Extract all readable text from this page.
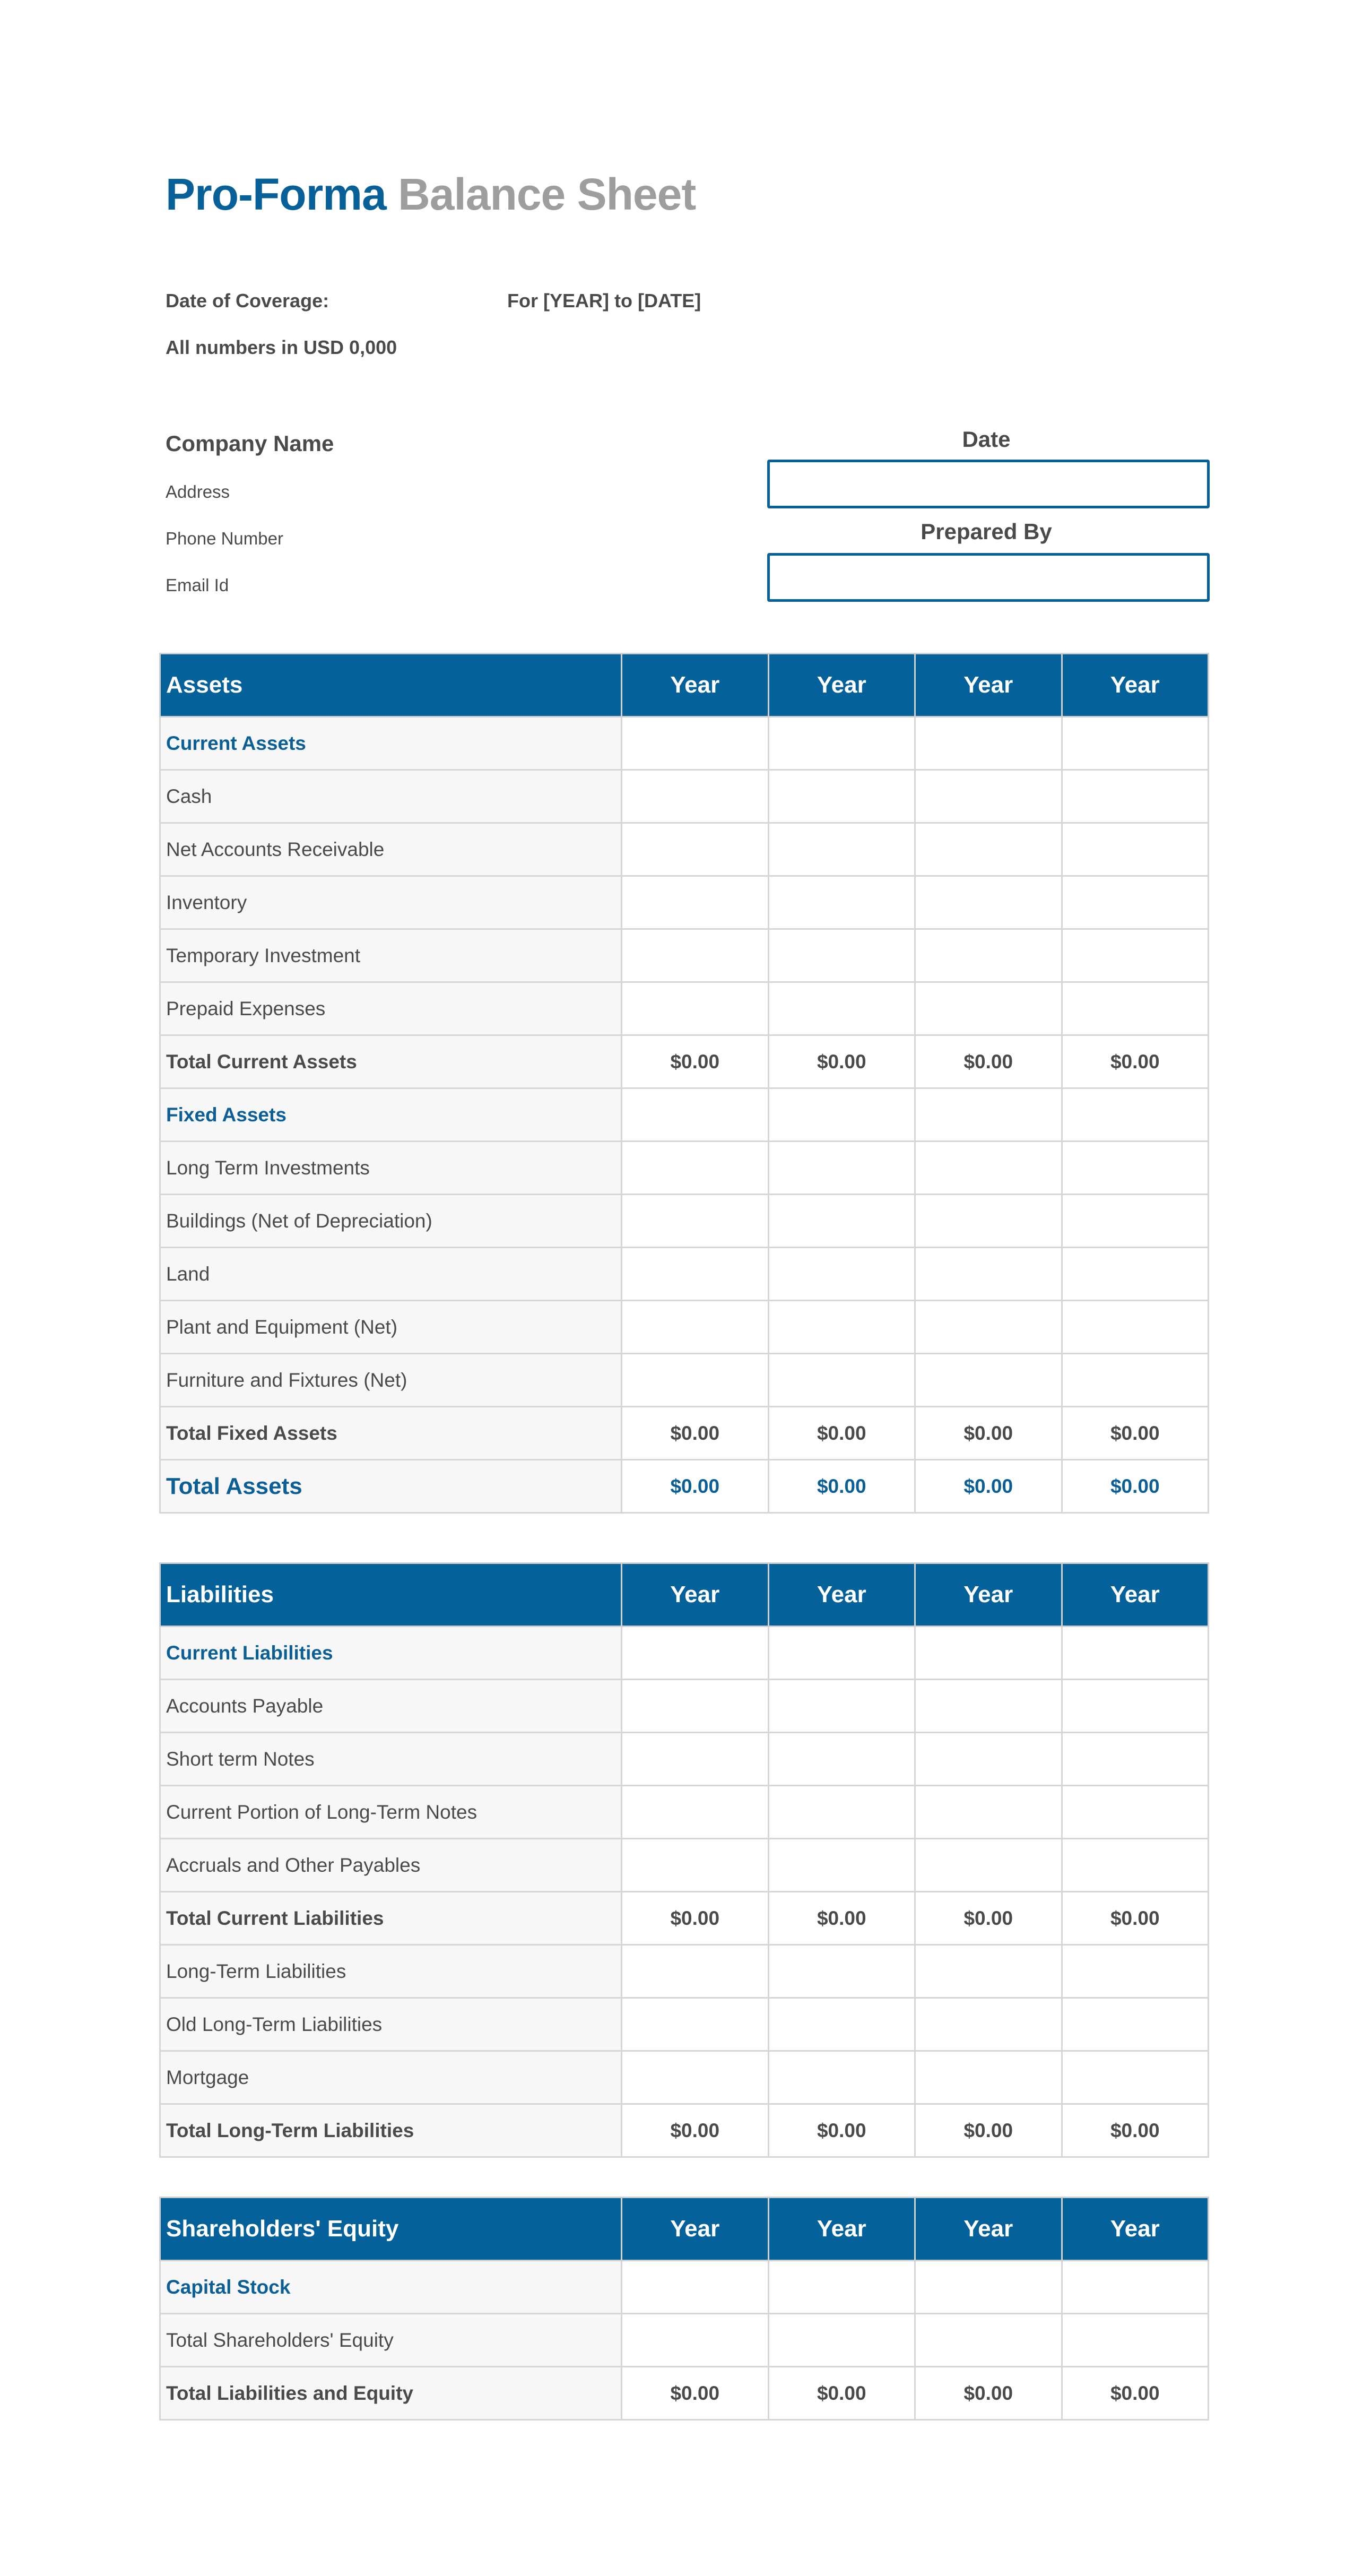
Pro-Forma Balance Sheet
Date of Coverage:	For [YEAR] to [DATE]
All numbers in USD 0,000
Company Name
Address
Phone Number
Email Id
Date
Prepared By
Assets	Year	Year	Year	Year
Current Assets				
Cash				
Net Accounts Receivable				
Inventory				
Temporary Investment				
Prepaid Expenses				
Total Current Assets	$0.00	$0.00	$0.00	$0.00
Fixed Assets				
Long Term Investments				
Buildings (Net of Depreciation)				
Land				
Plant and Equipment (Net)				
Furniture and Fixtures (Net)				
Total Fixed Assets	$0.00	$0.00	$0.00	$0.00
Total Assets	$0.00	$0.00	$0.00	$0.00
Liabilities	Year	Year	Year	Year
Current Liabilities				
Accounts Payable				
Short term Notes				
Current Portion of Long-Term Notes				
Accruals and Other Payables				
Total Current Liabilities	$0.00	$0.00	$0.00	$0.00
Long-Term Liabilities				
Old Long-Term Liabilities				
Mortgage				
Total Long-Term Liabilities	$0.00	$0.00	$0.00	$0.00
Shareholders' Equity	Year	Year	Year	Year
Capital Stock				
Total Shareholders' Equity				
Total Liabilities and Equity	$0.00	$0.00	$0.00	$0.00
